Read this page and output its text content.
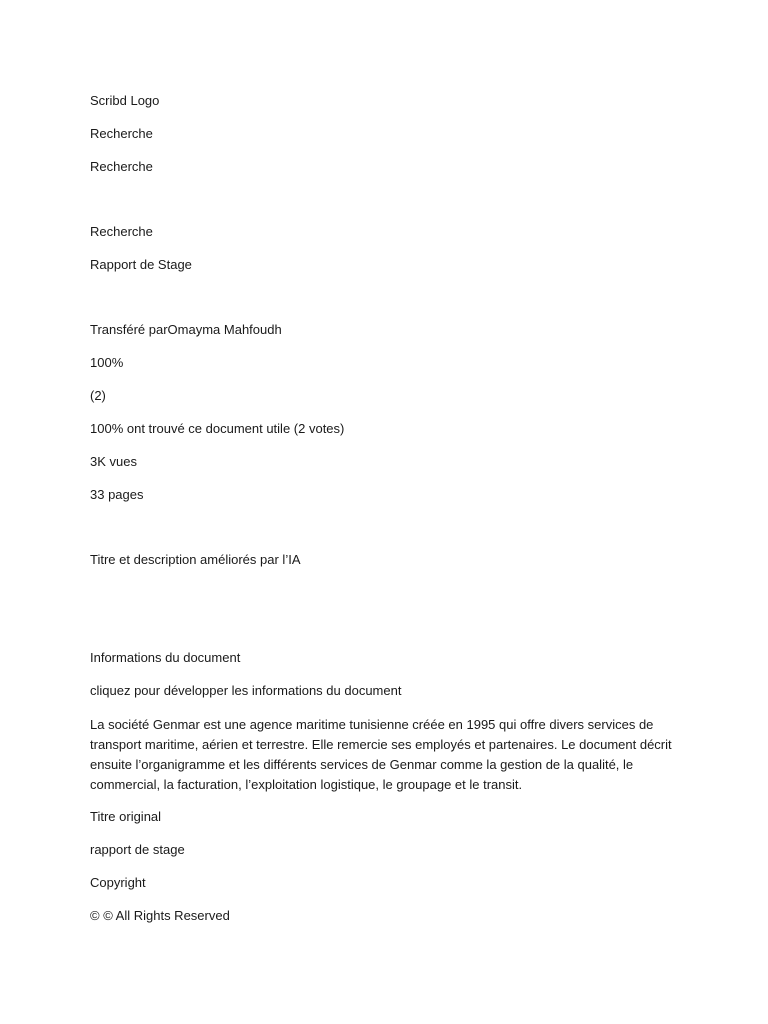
Scribd Logo
Recherche
Recherche
Recherche
Rapport de Stage
Transféré parOmayma Mahfoudh
100%
(2)
100% ont trouvé ce document utile (2 votes)
3K vues
33 pages
Titre et description améliorés par l’IA
Informations du document
cliquez pour développer les informations du document
La société Genmar est une agence maritime tunisienne créée en 1995 qui offre divers services de transport maritime, aérien et terrestre. Elle remercie ses employés et partenaires. Le document décrit ensuite l’organigramme et les différents services de Genmar comme la gestion de la qualité, le commercial, la facturation, l’exploitation logistique, le groupage et le transit.
Titre original
rapport de stage
Copyright
© © All Rights Reserved
